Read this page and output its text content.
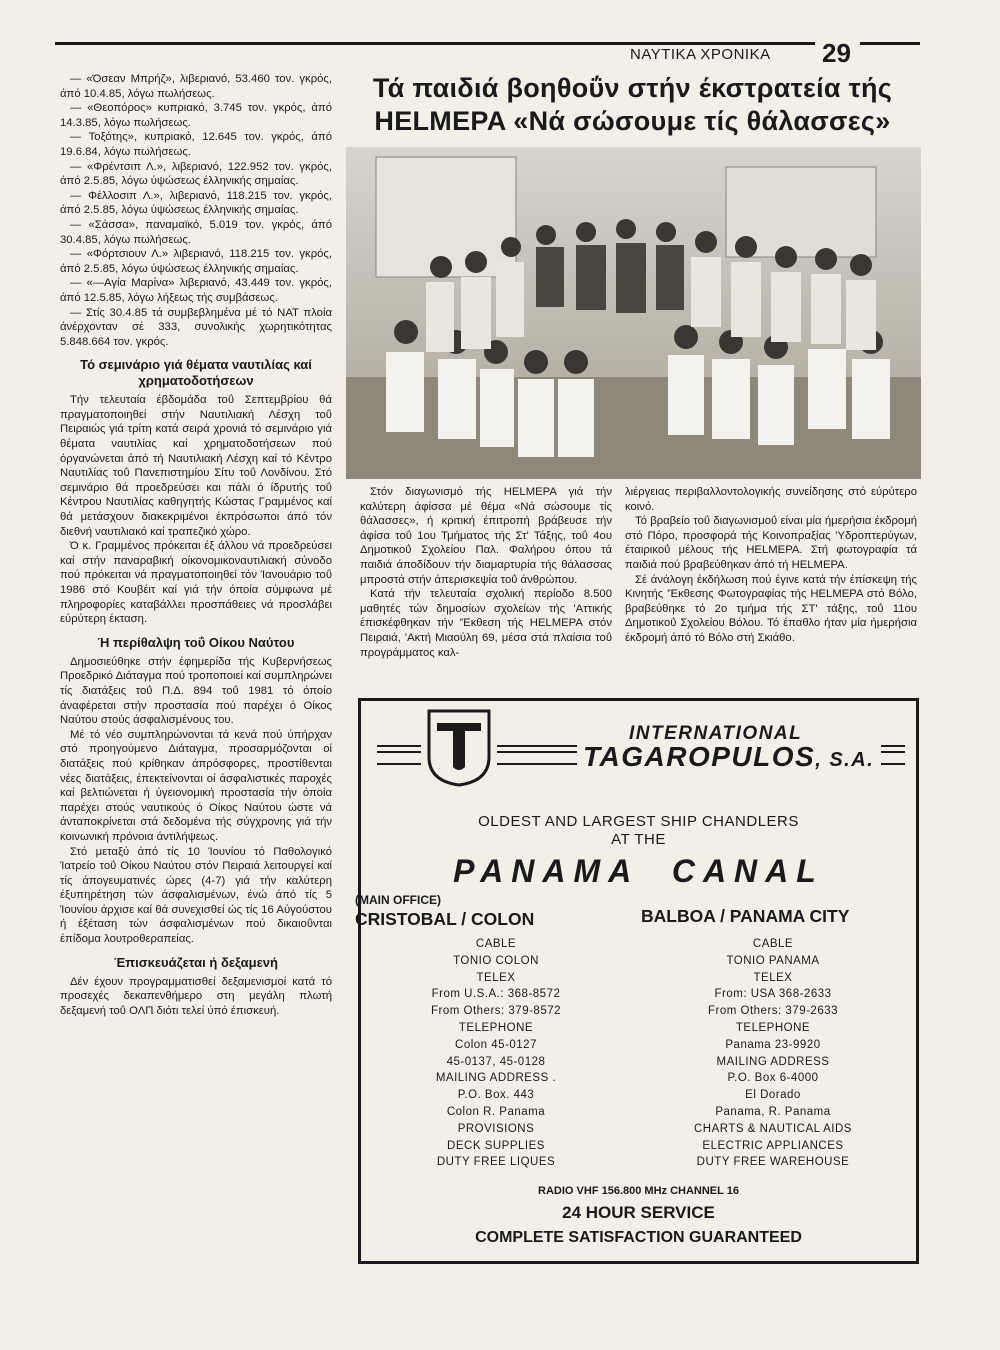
ΝΑΥΤΙΚΑ ΧΡΟΝΙΚΑ 29

— «Όσεαν Μπρήζ», λιβεριανό, 53.460 τον. γκρός, άπό 10.4.85, λόγω πωλήσεως.

— «Θεοπόρος» κυπριακό, 3.745 τον. γκρός, άπό 14.3.85, λόγω πωλήσεως.

— Τοξότης», κυπριακό, 12.645 τον. γκρός, άπό 19.6.84, λόγω πωλήσεως.

— «Φρέντσιπ Λ.», λιβεριανό, 122.952 τον. γκρός, άπό 2.5.85, λόγω ύψώσεως έλληνικής σημαίας.

— Φέλλοσιπ Λ.», λιβεριανό, 118.215 τον. γκρός, άπό 2.5.85, λόγω ύψώσεως έλληνικής σημαίας.

— «Σάσσα», παναμαϊκό, 5.019 τον. γκρός, άπό 30.4.85, λόγω πωλήσεως.

— «Φόρτσιουν Λ.» λιβεριανό, 118.215 τον. γκρός, άπό 2.5.85, λόγω ύψώσεως έλληνικής σημαίας.

— «—Αγία Μαρίνα» λιβεριανό, 43.449 τον. γκρός, άπό 12.5.85, λόγω λήξεως τής συμβάσεως.

— Στίς 30.4.85 τά συμβεβλημένα μέ τό ΝΑΤ πλοία άνέρχονταν σέ 333, συνολικής χωρητικότητας 5.848.664 τον. γκρός.

Τό σεμινάριο γιά θέματα ναυτιλίας καί χρηματοδοτήσεων

Τήν τελευταία έβδομάδα τοΰ Σεπτεμβρίου θά πραγματοποιηθεί στήν Ναυτιλιακή Λέσχη τοΰ Πειραιώς γιά τρίτη κατά σειρά χρονιά τό σεμινάριο γιά θέματα ναυτιλίας καί χρηματοδοτήσεων πού όργανώνεται άπό τή Ναυτιλιακή Λέσχη καί τό Κέντρο Ναυτιλίας τοΰ Πανεπιστημίου Σίτυ τοΰ Λονδίνου. Στό σεμινάριο θά προεδρεύσει και πάλι ό ίδρυτής τοΰ Κέντρου Ναυτιλίας καθηγητής Κώστας Γραμμένος καί θά μετάσχουν διακεκριμένοι έκπρόσωποι άπό τόν διεθνή ναυτιλιακό καί τραπεζικό χώρο.

Ό κ. Γραμμένος πρόκειται έξ άλλου νά προεδρεύσει καί στήν παναραβική οίκονομικοναυτιλιακή σύνοδο πού πρόκειται νά πραγματοποιηθεί τόν Ίανουάριο τοΰ 1986 στό Κουβέιτ καί γιά τήν όποία σύμφωνα μέ πληροφορίες καταβάλλει προσπάθειες νά προσλάβει εύρύτερη έκταση.

Ή περίθαλψη τοΰ Οίκου Ναύτου

Δημοσιεύθηκε στήν έφημερίδα τής Κυβερνήσεως Προεδρικό Διάταγμα πού τροποποιεί καί συμπληρώνει τίς διατάξεις τοΰ Π.Δ. 894 τοΰ 1981 τό όποίο άναφέρεται στήν προστασία πού παρέχει ό Οίκος Ναύτου στούς άσφαλισμένους του.

Μέ τό νέο συμπληρώνονται τά κενά πού ύπήρχαν στό προηγούμενο Διάταγμα, προσαρμόζονται οί διατάξεις πού κρίθηκαν άπρόσφορες, προστίθενται νέες διατάξεις, έπεκτείνονται οί άσφαλιστικές παροχές καί βελτιώνεται ή ύγειονομική προστασία τήν όποία παρέχει στούς ναυτικούς ό Οίκος Ναύτου ώστε νά άνταποκρίνεται στά δεδομένα τής σύγχρονης γιά τήν κοινωνική πρόνοια άντιλήψεως.

Στό μεταξύ άπό τίς 10 Ίουνίου τό Παθολογικό Ίατρείο τοΰ Οίκου Ναύτου στόν Πειραιά λειτουργεί καί τίς άπογευματινές ώρες (4-7) γιά τήν καλύτερη έξυπηρέτηση τών άσφαλισμένων, ένώ άπό τίς 5 Ίουνίου άρχισε καί θά συνεχισθεί ώς τίς 16 Αύγούστου ή έξέταση τών άσφαλισμένων πού δικαιοΰνται έπίδομα λουτροθεραπείας.

Έπισκευάζεται ή δεξαμενή

Δέν έχουν προγραμματισθεί δεξαμενισμοί κατά τό προσεχές δεκαπενθήμερο στη μεγάλη πλωτή δεξαμενή τοΰ ΟΛΠ διότι τελεί ύπό έπισκευή.

Τά παιδιά βοηθοΰν στήν έκστρατεία τής
HELMEPA «Νά σώσουμε τίς θάλασσες»

Στόν διαγωνισμό τής HELMEPA γιά τήν καλύτερη άφίσσα μέ θέμα «Νά σώσουμε τίς θάλασσες», ή κριτική έπιτροπή βράβευσε τήν άφίσα τοΰ 1ου Τμήματος τής Στ' Τάξης, τοΰ 4ου Δημοτικοΰ Σχολείου Παλ. Φαλήρου όπου τά παιδιά άποδίδουν τήν διαμαρτυρία τής θάλασσας μπροστά στήν άπερισκεψία τοΰ άνθρώπου.

Κατά τήν τελευταία σχολική περίοδο 8.500 μαθητές τών δημοσίων σχολείων τής 'Αττικής έπισκέφθηκαν τήν 'Έκθεση τής HELMEPA στόν Πειραιά, 'Ακτή Μιαούλη 69, μέσα στά πλαίσια τοΰ προγράμματος καλ-

λιέργειας περιβαλλοντολογικής συνείδησης στό εύρύτερο κοινό.

Τό βραβείο τοΰ διαγωνισμοΰ είναι μία ήμερήσια έκδρομή στό Πόρο, προσφορά τής Κοινοπραξίας 'Υδροπτερύγων, έταιρικοΰ μέλους τής HELMEPA. Στή φωτογραφία τά παιδιά πού βραβεύθηκαν άπό τή HELMEPA.

Σέ άνάλογη έκδήλωση πού έγινε κατά τήν έπίσκεψη τής Κινητής 'Έκθεσης Φωτογραφίας τής HELMEPA στό Βόλο, βραβεύθηκε τό 2ο τμήμα τής ΣΤ' τάξης, τοΰ 11ου Δημοτικοΰ Σχολείου Βόλου. Τό έπαθλο ήταν μία ήμερήσια έκδρομή άπό τό Βόλο στή Σκιάθο.

INTERNATIONAL
TAGAROPULOS, S.A.
OLDEST AND LARGEST SHIP CHANDLERS
AT THE
PANAMA  CANAL
(MAIN OFFICE)
CRISTOBAL / COLON	BALBOA / PANAMA CITY
CABLE
TONIO COLON
TELEX
From U.S.A.: 368-8572
From Others: 379-8572
TELEPHONE
Colon 45-0127
45-0137, 45-0128
MAILING ADDRESS .
P.O. Box. 443
Colon R. Panama
PROVISIONS
DECK SUPPLIES
DUTY FREE LIQUES
CABLE
TONIO PANAMA
TELEX
From: USA 368-2633
From Others: 379-2633
TELEPHONE
Panama 23-9920
MAILING ADDRESS
P.O. Box 6-4000
El Dorado
Panama, R. Panama
CHARTS & NAUTICAL AIDS
ELECTRIC APPLIANCES
DUTY FREE WAREHOUSE
RADIO VHF 156.800 MHz CHANNEL 16
24 HOUR SERVICE
COMPLETE SATISFACTION GUARANTEED
